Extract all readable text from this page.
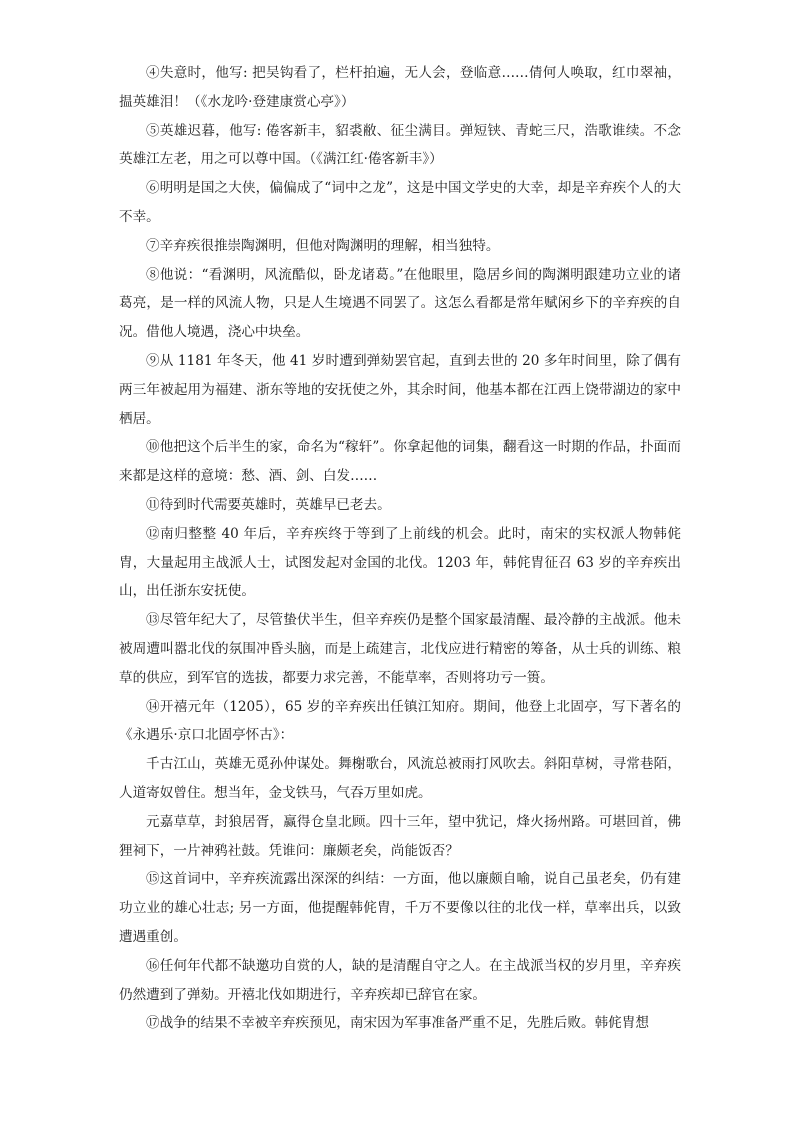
④失意时，他写: 把吴钩看了，栏杆拍遍，无人会，登临意……倩何人唤取，红巾翠袖，揾英雄泪！（《水龙吟·登建康赏心亭》）

⑤英雄迟暮，他写: 倦客新丰，貂裘敝、征尘满目。弹短铗、青蛇三尺，浩歌谁续。不念英雄江左老，用之可以尊中国。（《满江红·倦客新丰》）

⑥明明是国之大侠，偏偏成了“词中之龙”，这是中国文学史的大幸，却是辛弃疾个人的大不幸。

⑦辛弃疾很推崇陶渊明，但他对陶渊明的理解，相当独特。

⑧他说：“看渊明，风流酷似，卧龙诸葛。”在他眼里，隐居乡间的陶渊明跟建功立业的诸葛亮，是一样的风流人物，只是人生境遇不同罢了。这怎么看都是常年赋闲乡下的辛弃疾的自况。借他人境遇，浇心中块垒。

⑨从 1181 年冬天，他 41 岁时遭到弹劾罢官起，直到去世的 20 多年时间里，除了偶有两三年被起用为福建、浙东等地的安抚使之外，其余时间，他基本都在江西上饶带湖边的家中栖居。

⑩他把这个后半生的家，命名为“稼轩”。你拿起他的词集，翻看这一时期的作品，扑面而来都是这样的意境：愁、酒、剑、白发……

⑪待到时代需要英雄时，英雄早已老去。

⑫南归整整 40 年后，辛弃疾终于等到了上前线的机会。此时，南宋的实权派人物韩侂胄，大量起用主战派人士，试图发起对金国的北伐。1203 年，韩侂胄征召 63 岁的辛弃疾出山，出任浙东安抚使。

⑬尽管年纪大了，尽管蛰伏半生，但辛弃疾仍是整个国家最清醒、最冷静的主战派。他未被周遭叫嚣北伐的氛围冲昏头脑，而是上疏建言，北伐应进行精密的筹备，从士兵的训练、粮草的供应，到军官的选拔，都要力求完善，不能草率，否则将功亏一篑。

⑭开禧元年（1205），65 岁的辛弃疾出任镇江知府。期间，他登上北固亭，写下著名的《永遇乐·京口北固亭怀古》：

千古江山，英雄无觅孙仲谋处。舞榭歌台，风流总被雨打风吹去。斜阳草树，寻常巷陌，人道寄奴曾住。想当年，金戈铁马，气吞万里如虎。

元嘉草草，封狼居胥，赢得仓皇北顾。四十三年，望中犹记，烽火扬州路。可堪回首，佛狸祠下，一片神鸦社鼓。凭谁问：廉颇老矣，尚能饭否？

⑮这首词中，辛弃疾流露出深深的纠结：一方面，他以廉颇自喻，说自己虽老矣，仍有建功立业的雄心壮志; 另一方面，他提醒韩侂胄，千万不要像以往的北伐一样，草率出兵，以致遭遇重创。

⑯任何年代都不缺邀功自赏的人，缺的是清醒自守之人。在主战派当权的岁月里，辛弃疾仍然遭到了弹劾。开禧北伐如期进行，辛弃疾却已辞官在家。

⑰战争的结果不幸被辛弃疾预见，南宋因为军事准备严重不足，先胜后败。韩侂胄想
